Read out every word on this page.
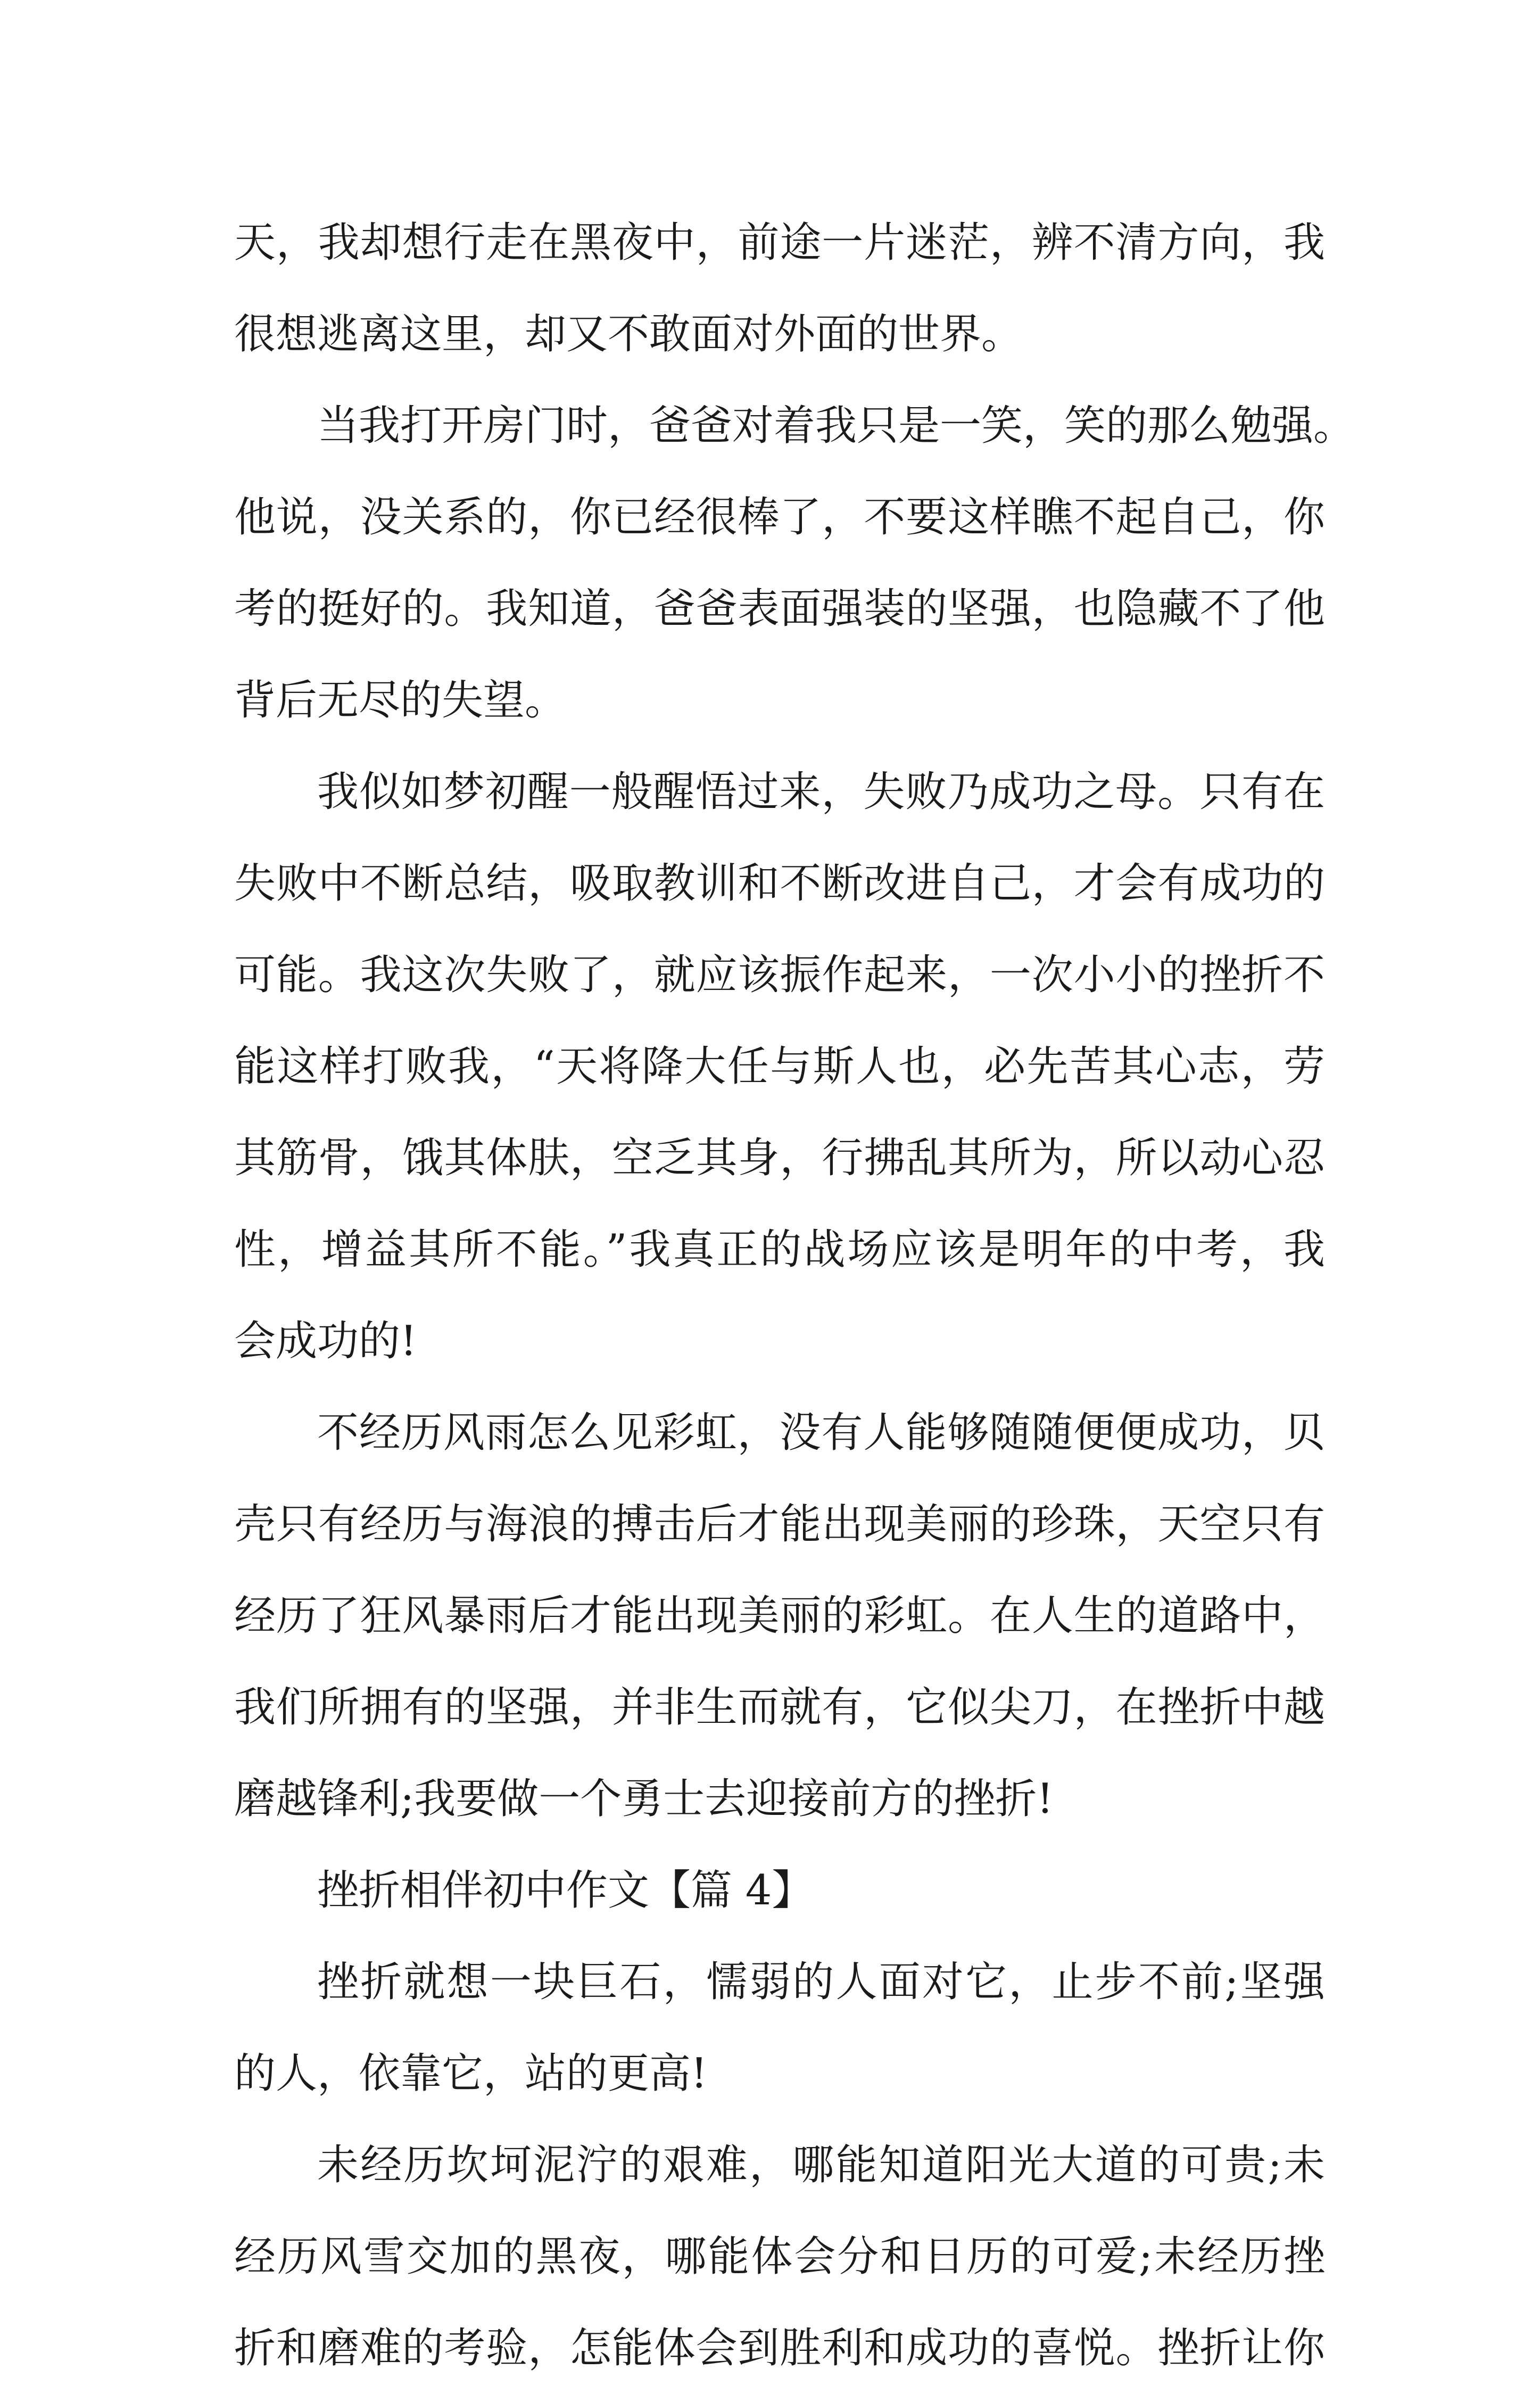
天，我却想行走在黑夜中，前途一片迷茫，辨不清方向，我
很想逃离这里，却又不敢面对外面的世界。
当我打开房门时，爸爸对着我只是一笑，笑的那么勉强。
他说，没关系的，你已经很棒了，不要这样瞧不起自己，你
考的挺好的。我知道，爸爸表面强装的坚强，也隐藏不了他
背后无尽的失望。
我似如梦初醒一般醒悟过来，失败乃成功之母。只有在
失败中不断总结，吸取教训和不断改进自己，才会有成功的
可能。我这次失败了，就应该振作起来，一次小小的挫折不
能这样打败我，“天将降大任与斯人也，必先苦其心志，劳
其筋骨，饿其体肤，空乏其身，行拂乱其所为，所以动心忍
性，增益其所不能。”我真正的战场应该是明年的中考，我
会成功的!
不经历风雨怎么见彩虹，没有人能够随随便便成功，贝
壳只有经历与海浪的搏击后才能出现美丽的珍珠，天空只有
经历了狂风暴雨后才能出现美丽的彩虹。在人生的道路中，
我们所拥有的坚强，并非生而就有，它似尖刀，在挫折中越
磨越锋利;我要做一个勇士去迎接前方的挫折!
挫折相伴初中作文【篇 4】
挫折就想一块巨石，懦弱的人面对它，止步不前;坚强
的人，依靠它，站的更高!
未经历坎坷泥泞的艰难，哪能知道阳光大道的可贵;未
经历风雪交加的黑夜，哪能体会分和日历的可爱;未经历挫
折和磨难的考验，怎能体会到胜利和成功的喜悦。挫折让你
